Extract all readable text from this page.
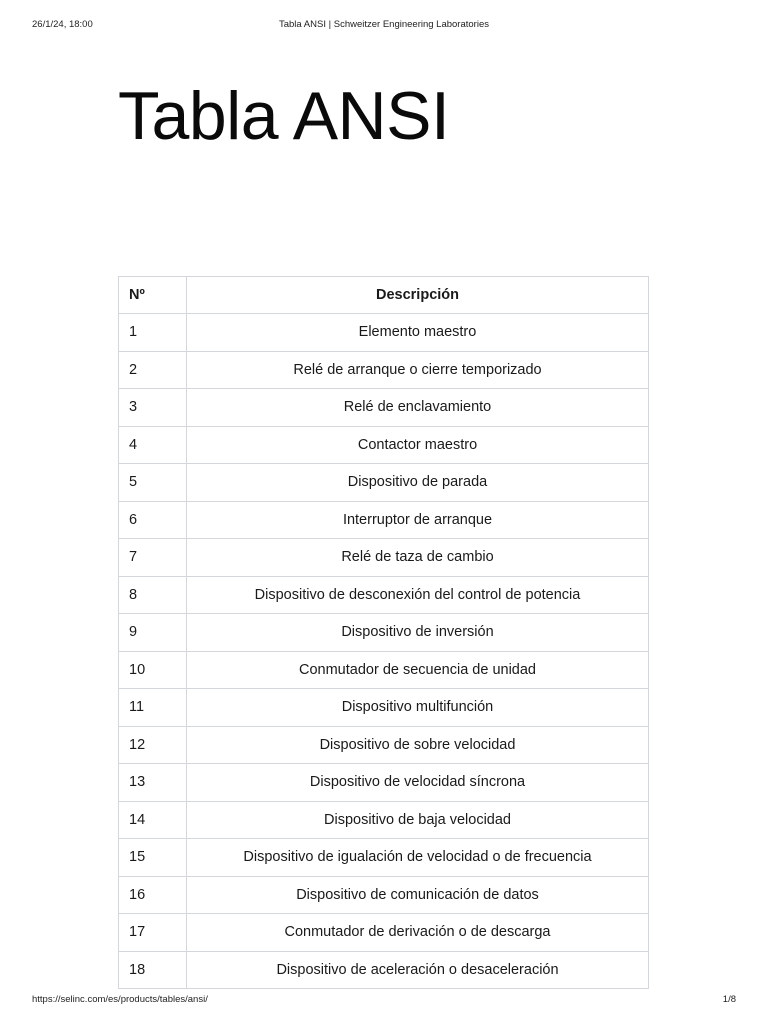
26/1/24, 18:00	Tabla ANSI | Schweitzer Engineering Laboratories
Tabla ANSI
Nº	Descripción
1	Elemento maestro
2	Relé de arranque o cierre temporizado
3	Relé de enclavamiento
4	Contactor maestro
5	Dispositivo de parada
6	Interruptor de arranque
7	Relé de taza de cambio
8	Dispositivo de desconexión del control de potencia
9	Dispositivo de inversión
10	Conmutador de secuencia de unidad
11	Dispositivo multifunción
12	Dispositivo de sobre velocidad
13	Dispositivo de velocidad síncrona
14	Dispositivo de baja velocidad
15	Dispositivo de igualación de velocidad o de frecuencia
16	Dispositivo de comunicación de datos
17	Conmutador de derivación o de descarga
18	Dispositivo de aceleración o desaceleración
https://selinc.com/es/products/tables/ansi/	1/8
